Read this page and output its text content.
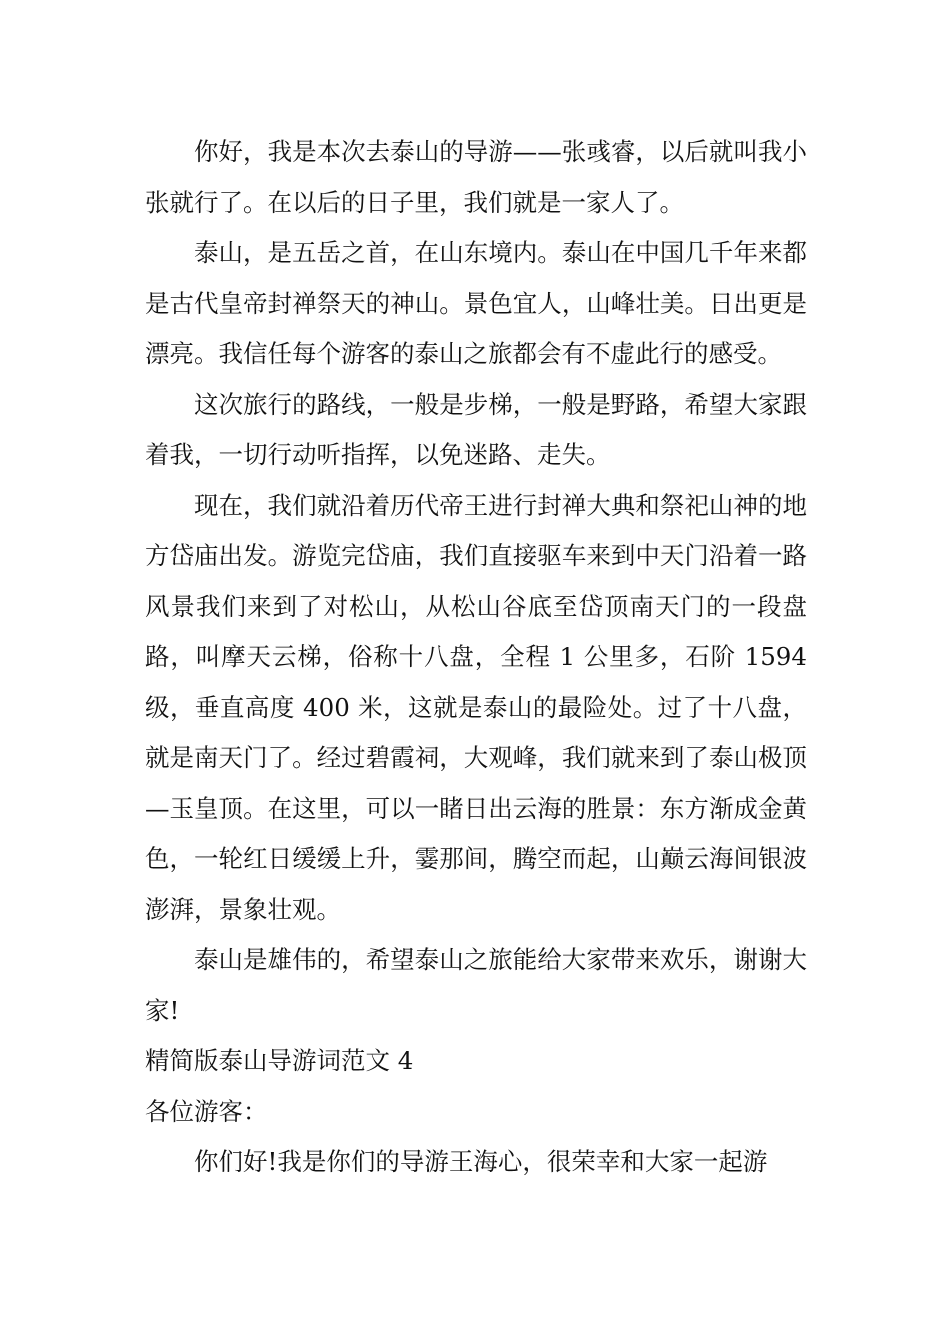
你好，我是本次去泰山的导游——张彧睿，以后就叫我小张就行了。在以后的日子里，我们就是一家人了。

泰山，是五岳之首，在山东境内。泰山在中国几千年来都是古代皇帝封禅祭天的神山。景色宜人，山峰壮美。日出更是漂亮。我信任每个游客的泰山之旅都会有不虚此行的感受。

这次旅行的路线，一般是步梯，一般是野路，希望大家跟着我，一切行动听指挥，以免迷路、走失。

现在，我们就沿着历代帝王进行封禅大典和祭祀山神的地方岱庙出发。游览完岱庙，我们直接驱车来到中天门沿着一路风景我们来到了对松山，从松山谷底至岱顶南天门的一段盘路，叫摩天云梯，俗称十八盘，全程 1 公里多，石阶 1594 级，垂直高度 400 米，这就是泰山的最险处。过了十八盘，就是南天门了。经过碧霞祠，大观峰，我们就来到了泰山极顶—玉皇顶。在这里，可以一睹日出云海的胜景：东方渐成金黄色，一轮红日缓缓上升，霎那间，腾空而起，山巅云海间银波澎湃，景象壮观。

泰山是雄伟的，希望泰山之旅能给大家带来欢乐，谢谢大家!

精简版泰山导游词范文 4

各位游客：

你们好!我是你们的导游王海心，很荣幸和大家一起游
